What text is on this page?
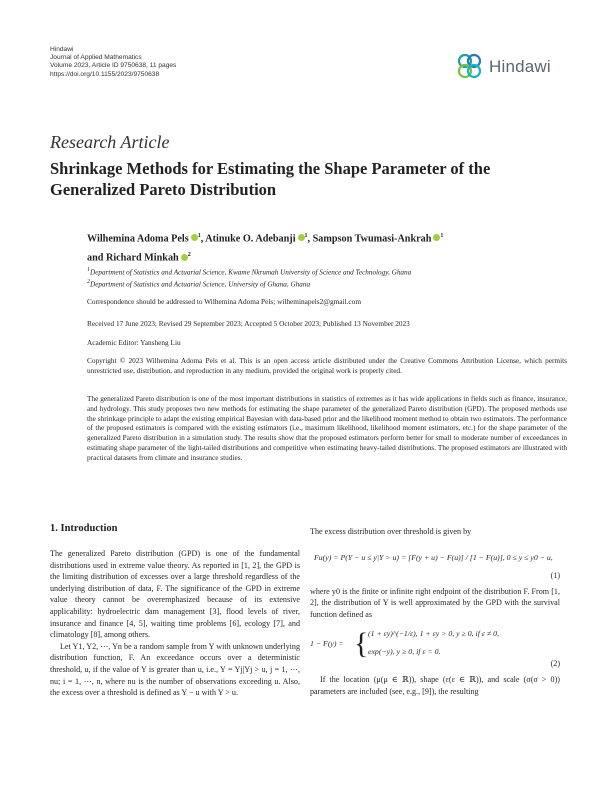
Hindawi
Journal of Applied Mathematics
Volume 2023, Article ID 9750638, 11 pages
https://doi.org/10.1155/2023/9750638	Hindawi
Research Article
Shrinkage Methods for Estimating the Shape Parameter of the Generalized Pareto Distribution
Wilhemina Adoma Pels $^1$, Atinuke O. Adebanji $^1$, Sampson Twumasi-Ankrah $^1$
and Richard Minkah $^2$
$^1$Department of Statistics and Actuarial Science, Kwame Nkrumah University of Science and Technology, Ghana
$^2$Department of Statistics and Actuarial Science, University of Ghana, Ghana
Correspondence should be addressed to Wilhemina Adoma Pels; wilheminapels2@gmail.com
Received 17 June 2023; Revised 29 September 2023; Accepted 5 October 2023; Published 13 November 2023
Academic Editor: Yansheng Liu
Copyright © 2023 Wilhemina Adoma Pels et al. This is an open access article distributed under the Creative Commons Attribution License, which permits unrestricted use, distribution, and reproduction in any medium, provided the original work is properly cited.
The generalized Pareto distribution is one of the most important distributions in statistics of extremes as it has wide applications in fields such as finance, insurance, and hydrology. This study proposes two new methods for estimating the shape parameter of the generalized Pareto distribution (GPD). The proposed methods use the shrinkage principle to adapt the existing empirical Bayesian with data-based prior and the likelihood moment method to obtain two estimators. The performance of the proposed estimators is compared with the existing estimators (i.e., maximum likelihood, likelihood moment estimators, etc.) for the shape parameter of the generalized Pareto distribution in a simulation study. The results show that the proposed estimators perform better for small to moderate number of exceedances in estimating shape parameter of the light-tailed distributions and competitive when estimating heavy-tailed distributions. The proposed estimators are illustrated with practical datasets from climate and insurance studies.
1. Introduction

The generalized Pareto distribution (GPD) is one of the fundamental distributions used in extreme value theory. As reported in [1, 2], the GPD is the limiting distribution of excesses over a large threshold regardless of the underlying distribution of data, F. The significance of the GPD in extreme value theory cannot be overemphasized because of its extensive applicability: hydroelectric dam management [3], flood levels of river, insurance and finance [4, 5], waiting time problems [6], ecology [7], and climatology [8], among others.

Let Y1, Y2, ⋯, Yn be a random sample from Y with unknown underlying distribution function, F. An exceedance occurs over a deterministic threshold, u, if the value of Y is greater than u, i.e., Y = Yj|Yj > u, j = 1, ⋯, nu; i = 1, ⋯, n, where nu is the number of observations exceeding u. Also, the excess over a threshold is defined as Y − u with Y > u.

The excess distribution over threshold is given by

Fu(y) = P(Y − u ≤ y|Y > u) = [F(y + u) − F(u)] / [1 − F(u)], 0 ≤ y ≤ y0 − u,
(1)

where y0 is the finite or infinite right endpoint of the distribution F. From [1, 2], the distribution of Y is well approximated by the GPD with the survival function defined as

1 − F(y) = { (1 + εy)^(−1/ε), 1 + εy > 0, y ≥ 0, if ε ≠ 0,
exp(−y), y ≥ 0, if ε = 0.
(2)

If the location (μ(μ ∈ ℝ)), shape (ε(ε ∈ ℝ)), and scale (σ(σ > 0)) parameters are included (see, e.g., [9]), the resulting
